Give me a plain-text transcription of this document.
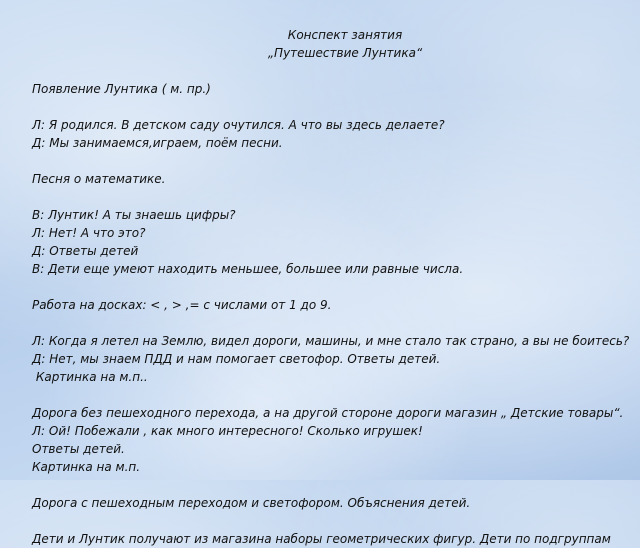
Конспект занятия
„Путешествие Лунтика“
Появление Лунтика ( м. пр.)
Л: Я родился. В детском саду очутился. А что вы здесь делаете?
Д: Мы занимаемся,играем, поём песни.
Песня о математике.
В: Лунтик! А ты знаешь цифры?
Л: Нет! А что это?
Д: Ответы детей
В: Дети еще умеют находить меньшее, большее или равные числа.
Работа на досках: < , > ,= с числами от 1 до 9.
Л: Когда я летел на Землю, видел дороги, машины, и мне стало так страно, а вы не боитесь?
Д: Нет, мы знаем ПДД и нам помогает светофор. Ответы детей.
Картинка на м.п..
Дорога без пешеходного перехода, а на другой стороне дороги магазин „ Детские товары“.
Л: Ой! Побежали , как много интересного! Сколько игрушек!
Ответы детей.
Картинка на м.п.
Дорога с пешеходным переходом и светофором. Объяснения детей.
Дети и Лунтик получают из магазина наборы геометрических фигур. Дети по подгруппам
